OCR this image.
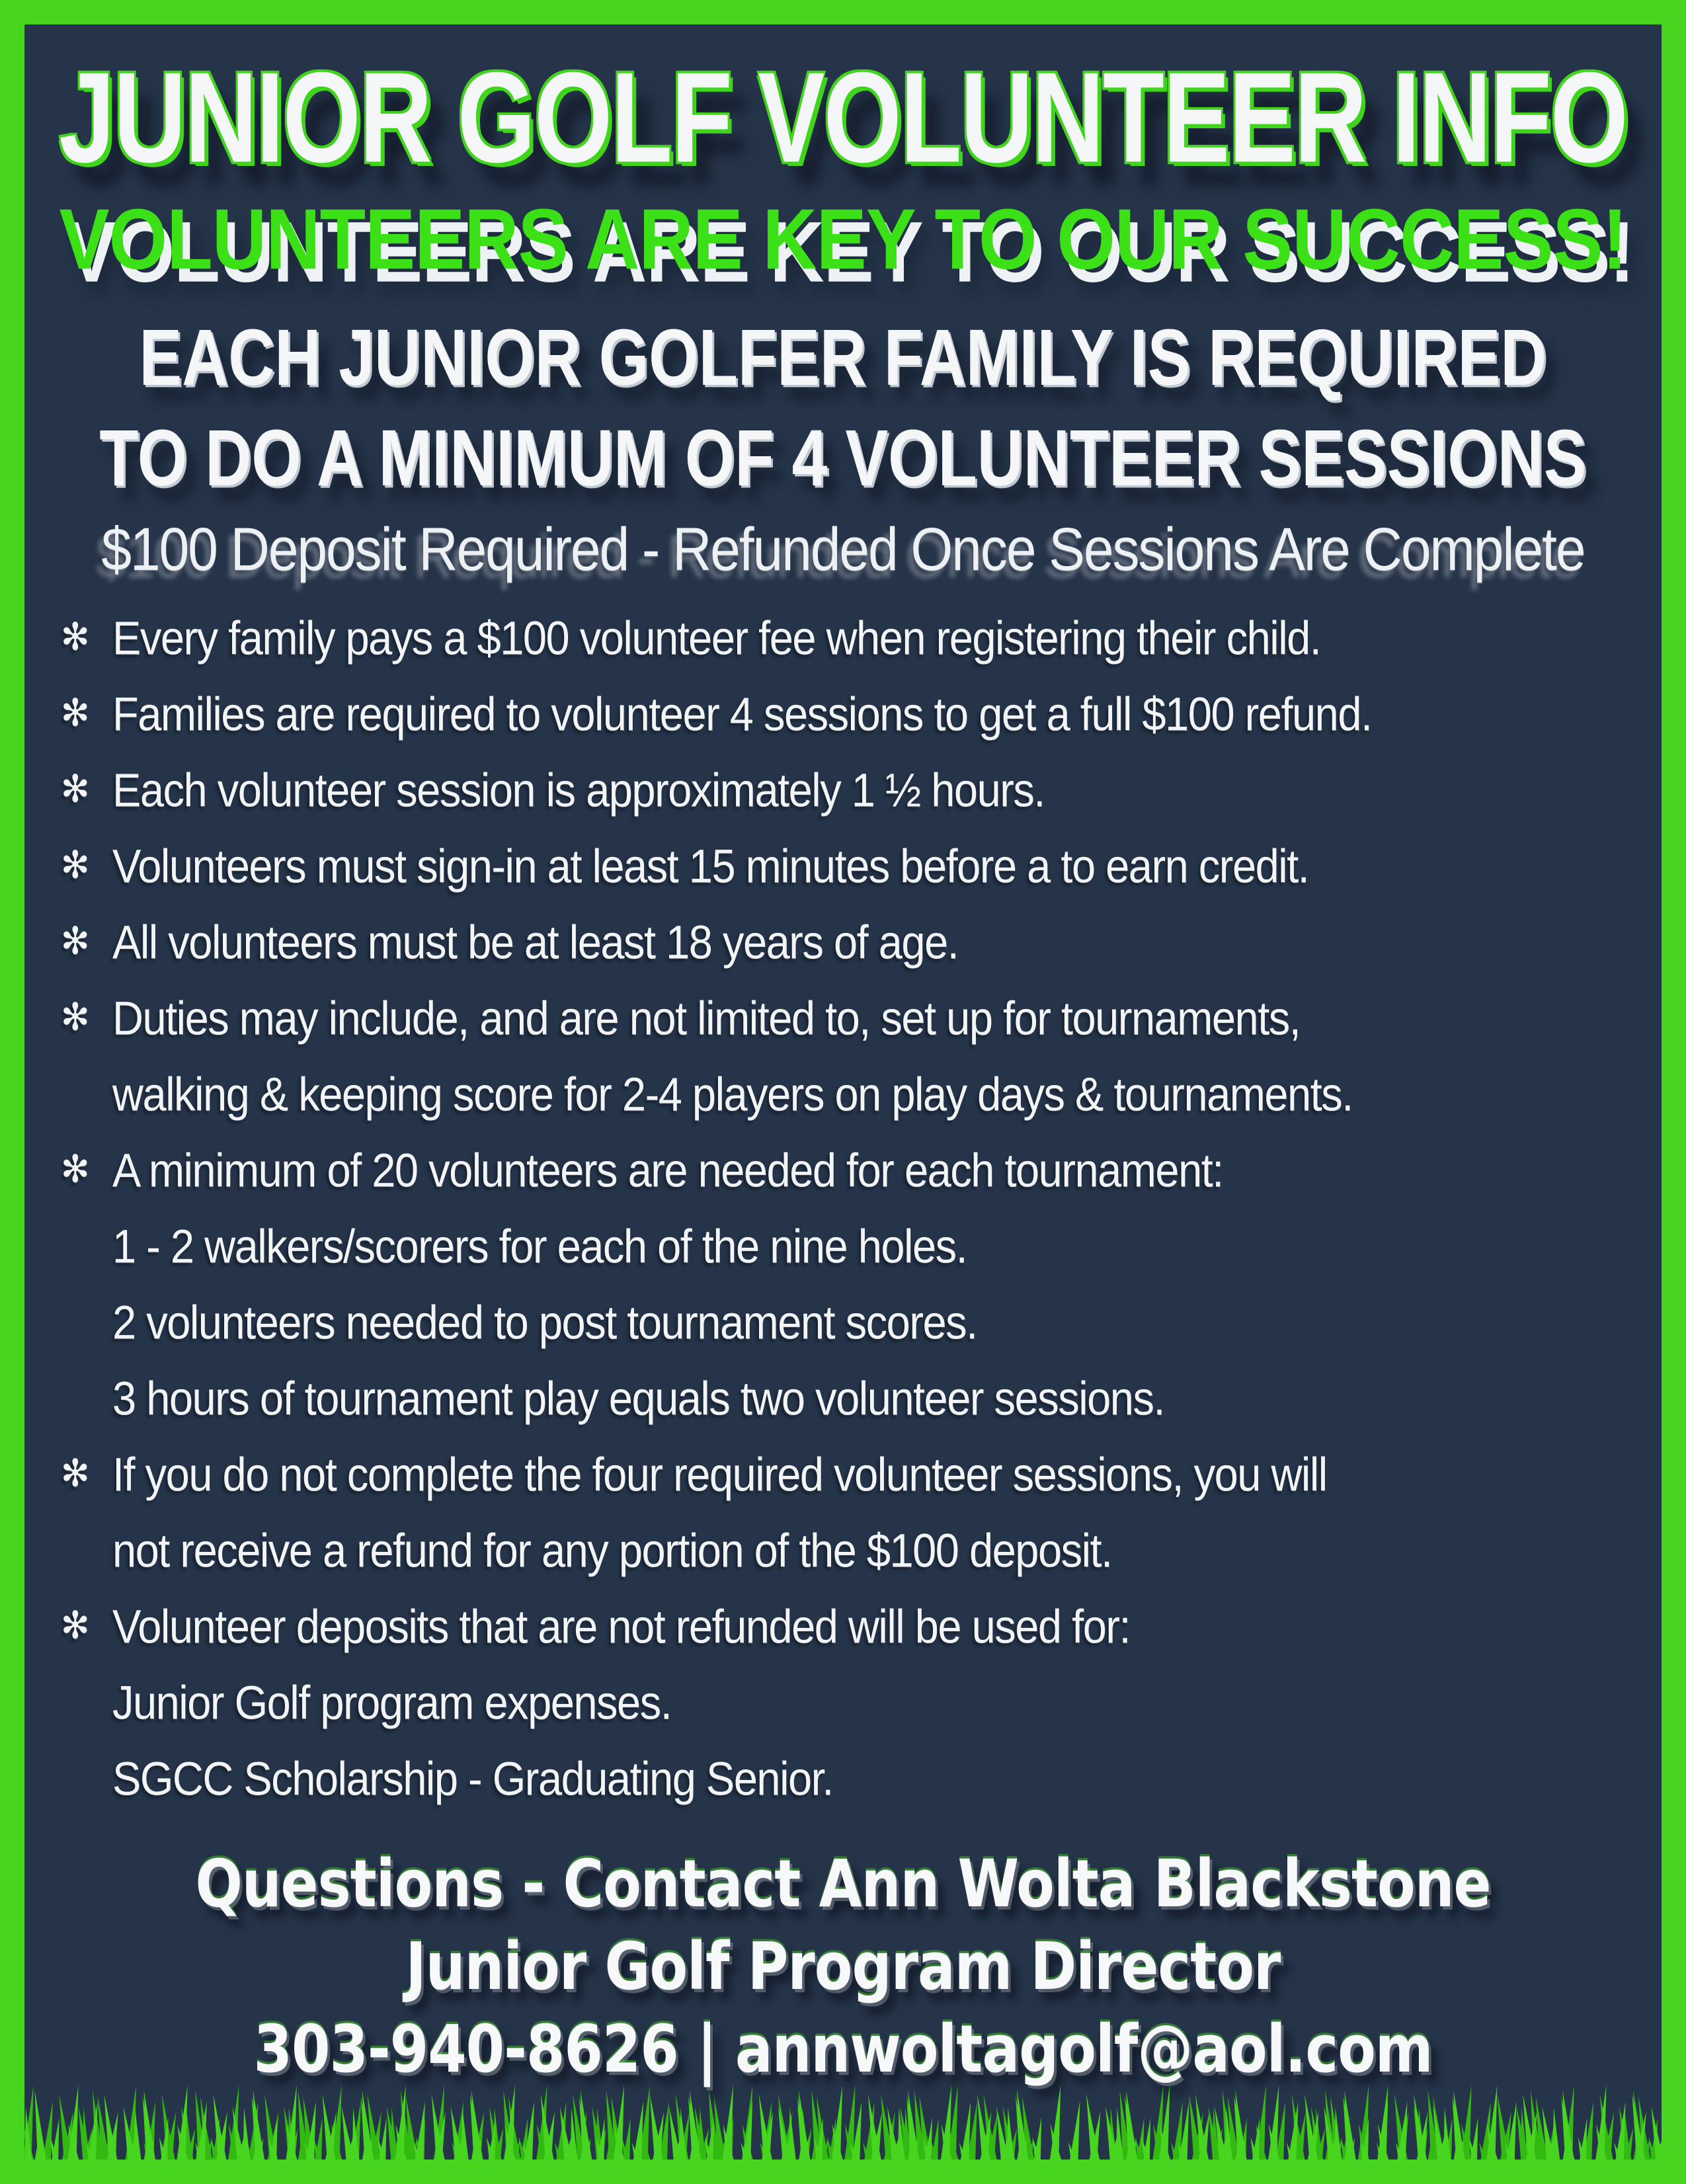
JUNIOR GOLF VOLUNTEER INFO
VOLUNTEERS ARE KEY TO OUR SUCCESS!
EACH JUNIOR GOLFER FAMILY IS REQUIRED
TO DO A MINIMUM OF 4 VOLUNTEER SESSIONS
$100 Deposit Required - Refunded Once Sessions Are Complete
✻ Every family pays a $100 volunteer fee when registering their child.
✻ Families are required to volunteer 4 sessions to get a full $100 refund.
✻ Each volunteer session is approximately 1 ½ hours.
✻ Volunteers must sign-in at least 15 minutes before a to earn credit.
✻ All volunteers must be at least 18 years of age.
✻ Duties may include, and are not limited to, set up for tournaments,
walking & keeping score for 2-4 players on play days & tournaments.
✻ A minimum of 20 volunteers are needed for each tournament:
1 - 2 walkers/scorers for each of the nine holes.
2 volunteers needed to post tournament scores.
3 hours of tournament play equals two volunteer sessions.
✻ If you do not complete the four required volunteer sessions, you will
not receive a refund for any portion of the $100 deposit.
✻ Volunteer deposits that are not refunded will be used for:
Junior Golf program expenses.
SGCC Scholarship - Graduating Senior.
Questions - Contact Ann Wolta Blackstone
Junior Golf Program Director
303-940-8626 | annwoltagolf@aol.com
